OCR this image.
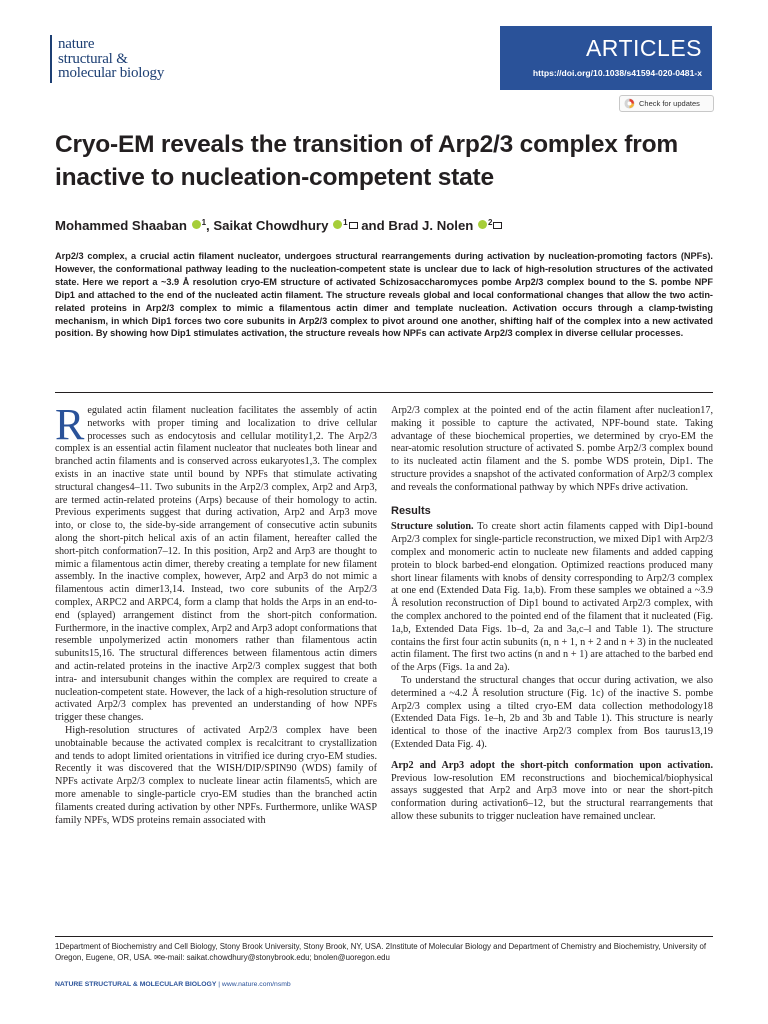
nature
structural &
molecular biology
ARTICLES
https://doi.org/10.1038/s41594-020-0481-x
Check for updates
Cryo-EM reveals the transition of Arp2/3 complex from inactive to nucleation-competent state
Mohammed Shaaban $^1$, Saikat Chowdhury $^1$ and Brad J. Nolen $^2$
Arp2/3 complex, a crucial actin filament nucleator, undergoes structural rearrangements during activation by nucleation-promoting factors (NPFs). However, the conformational pathway leading to the nucleation-competent state is unclear due to lack of high-resolution structures of the activated state. Here we report a ~3.9 Å resolution cryo-EM structure of activated Schizosaccharomyces pombe Arp2/3 complex bound to the S. pombe NPF Dip1 and attached to the end of the nucleated actin filament. The structure reveals global and local conformational changes that allow the two actin-related proteins in Arp2/3 complex to mimic a filamentous actin dimer and template nucleation. Activation occurs through a clamp-twisting mechanism, in which Dip1 forces two core subunits in Arp2/3 complex to pivot around one another, shifting half of the complex into a new activated position. By showing how Dip1 stimulates activation, the structure reveals how NPFs can activate Arp2/3 complex in diverse cellular processes.

Regulated actin filament nucleation facilitates the assembly of actin networks with proper timing and localization to drive cellular processes such as endocytosis and cellular motility1,2. The Arp2/3 complex is an essential actin filament nucleator that nucleates both linear and branched actin filaments and is conserved across eukaryotes1,3. The complex exists in an inactive state until bound by NPFs that stimulate activating structural changes4–11. Two subunits in the Arp2/3 complex, Arp2 and Arp3, are termed actin-related proteins (Arps) because of their homology to actin. Previous experiments suggest that during activation, Arp2 and Arp3 move into, or close to, the side-by-side arrangement of consecutive actin subunits along the short-pitch helical axis of an actin filament, hereafter called the short-pitch conformation7–12. In this position, Arp2 and Arp3 are thought to mimic a filamentous actin dimer, thereby creating a template for new filament assembly. In the inactive complex, however, Arp2 and Arp3 do not mimic a filamentous actin dimer13,14. Instead, two core subunits of the Arp2/3 complex, ARPC2 and ARPC4, form a clamp that holds the Arps in an end-to-end (splayed) arrangement distinct from the short-pitch conformation. Furthermore, in the inactive complex, Arp2 and Arp3 adopt conformations that resemble unpolymerized actin monomers rather than filamentous actin subunits15,16. The structural differences between filamentous actin dimers and actin-related proteins in the inactive Arp2/3 complex suggest that both intra- and intersubunit changes within the complex are required to create a nucleation-competent state. However, the lack of a high-resolution structure of activated Arp2/3 complex has prevented an understanding of how NPFs trigger these changes.

High-resolution structures of activated Arp2/3 complex have been unobtainable because the activated complex is recalcitrant to crystallization and tends to adopt limited orientations in vitrified ice during cryo-EM studies. Recently it was discovered that the WISH/DIP/SPIN90 (WDS) family of NPFs activate Arp2/3 complex to nucleate linear actin filaments5, which are more amenable to single-particle cryo-EM studies than the branched actin filaments created during activation by other NPFs. Furthermore, unlike WASP family NPFs, WDS proteins remain associated with

Arp2/3 complex at the pointed end of the actin filament after nucleation17, making it possible to capture the activated, NPF-bound state. Taking advantage of these biochemical properties, we determined by cryo-EM the near-atomic resolution structure of activated S. pombe Arp2/3 complex bound to its nucleated actin filament and the S. pombe WDS protein, Dip1. The structure provides a snapshot of the activated conformation of Arp2/3 complex and reveals the conformational pathway by which NPFs drive activation.

Results

Structure solution. To create short actin filaments capped with Dip1-bound Arp2/3 complex for single-particle reconstruction, we mixed Dip1 with Arp2/3 complex and monomeric actin to nucleate new filaments and added capping protein to block barbed-end elongation. Optimized reactions produced many short linear filaments with knobs of density corresponding to Arp2/3 complex at one end (Extended Data Fig. 1a,b). From these samples we obtained a ~3.9 Å resolution reconstruction of Dip1 bound to activated Arp2/3 complex, with the complex anchored to the pointed end of the filament that it nucleated (Fig. 1a,b, Extended Data Figs. 1b–d, 2a and 3a,c–l and Table 1). The structure contains the first four actin subunits (n, n + 1, n + 2 and n + 3) in the nucleated actin filament. The first two actins (n and n + 1) are attached to the barbed end of the Arps (Figs. 1a and 2a).

To understand the structural changes that occur during activation, we also determined a ~4.2 Å resolution structure (Fig. 1c) of the inactive S. pombe Arp2/3 complex using a tilted cryo-EM data collection methodology18 (Extended Data Figs. 1e–h, 2b and 3b and Table 1). This structure is nearly identical to those of the inactive Arp2/3 complex from Bos taurus13,19 (Extended Data Fig. 4).

Arp2 and Arp3 adopt the short-pitch conformation upon activation. Previous low-resolution EM reconstructions and biochemical/biophysical assays suggested that Arp2 and Arp3 move into or near the short-pitch conformation during activation6–12, but the structural rearrangements that allow these subunits to trigger nucleation have remained unclear.

1Department of Biochemistry and Cell Biology, Stony Brook University, Stony Brook, NY, USA. 2Institute of Molecular Biology and Department of Chemistry and Biochemistry, University of Oregon, Eugene, OR, USA. ✉e-mail: saikat.chowdhury@stonybrook.edu; bnolen@uoregon.edu
NATURE STRUCTURAL & MOLECULAR BIOLOGY | www.nature.com/nsmb
